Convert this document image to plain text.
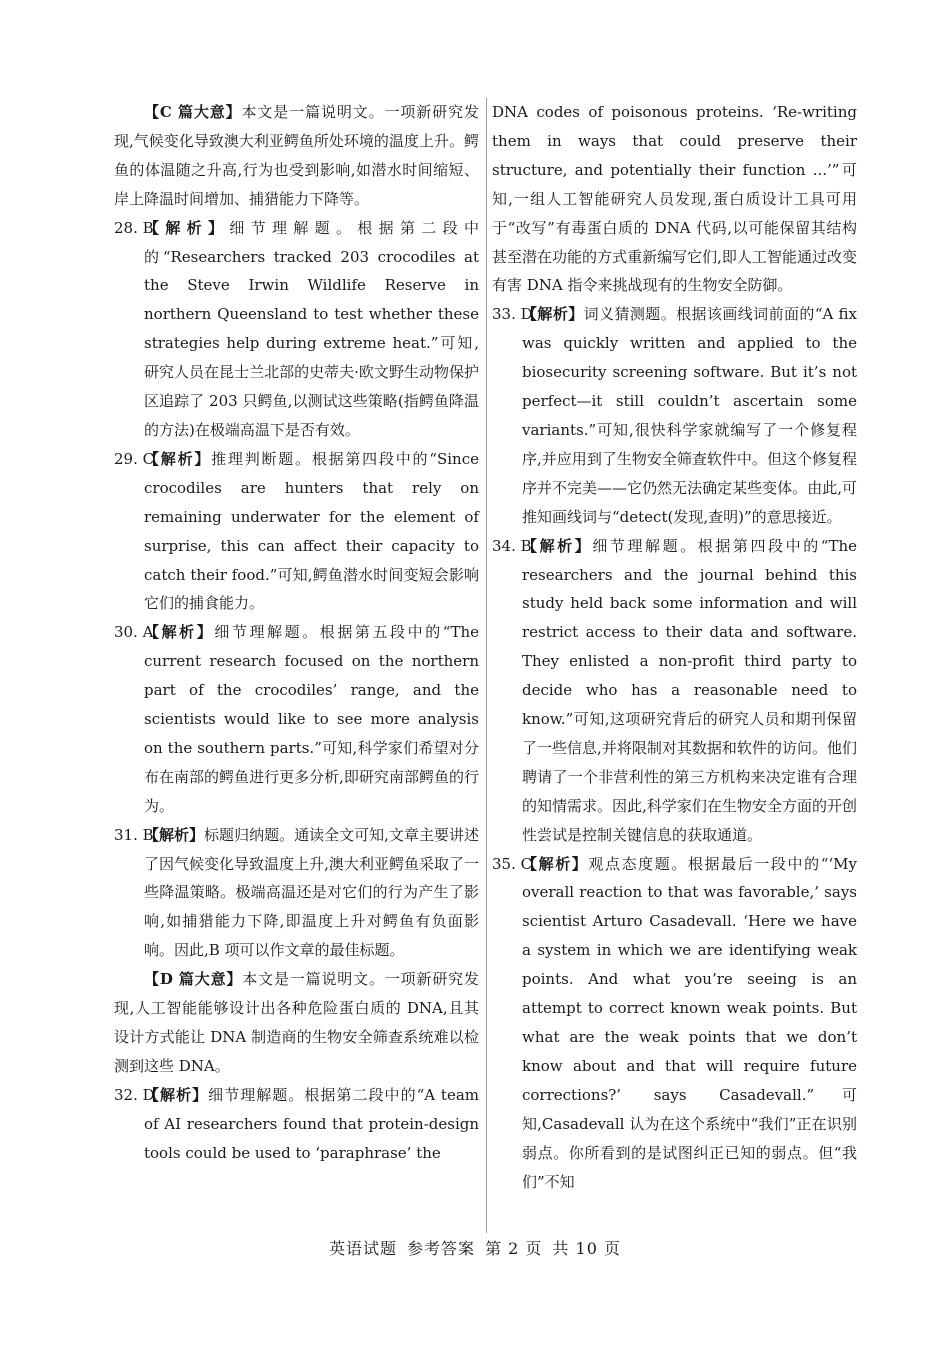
【C 篇大意】本文是一篇说明文。一项新研究发现,气候变化导致澳大利亚鳄鱼所处环境的温度上升。鳄鱼的体温随之升高,行为也受到影响,如潜水时间缩短、岸上降温时间增加、捕猎能力下降等。

28. B
【解析】细节理解题。根据第二段中的“Researchers tracked 203 crocodiles at the Steve Irwin Wildlife Reserve in northern Queensland to test whether these strategies help during extreme heat.”可知,研究人员在昆士兰北部的史蒂夫·欧文野生动物保护区追踪了 203 只鳄鱼,以测试这些策略(指鳄鱼降温的方法)在极端高温下是否有效。

29. C
【解析】推理判断题。根据第四段中的“Since crocodiles are hunters that rely on remaining underwater for the element of surprise, this can affect their capacity to catch their food.”可知,鳄鱼潜水时间变短会影响它们的捕食能力。

30. A
【解析】细节理解题。根据第五段中的“The current research focused on the northern part of the crocodiles’ range, and the scientists would like to see more analysis on the southern parts.”可知,科学家们希望对分布在南部的鳄鱼进行更多分析,即研究南部鳄鱼的行为。

31. B
【解析】标题归纳题。通读全文可知,文章主要讲述了因气候变化导致温度上升,澳大利亚鳄鱼采取了一些降温策略。极端高温还是对它们的行为产生了影响,如捕猎能力下降,即温度上升对鳄鱼有负面影响。因此,B 项可以作文章的最佳标题。

【D 篇大意】本文是一篇说明文。一项新研究发现,人工智能能够设计出各种危险蛋白质的 DNA,且其设计方式能让 DNA 制造商的生物安全筛查系统难以检测到这些 DNA。

32. D
【解析】细节理解题。根据第二段中的“A team of AI researchers found that protein-design tools could be used to ‘paraphrase’ the

DNA codes of poisonous proteins. ‘Re-writing them in ways that could preserve their structure, and potentially their function ...’”可知,一组人工智能研究人员发现,蛋白质设计工具可用于“改写”有毒蛋白质的 DNA 代码,以可能保留其结构甚至潜在功能的方式重新编写它们,即人工智能通过改变有害 DNA 指令来挑战现有的生物安全防御。

33. D
【解析】词义猜测题。根据该画线词前面的“A fix was quickly written and applied to the biosecurity screening software. But it’s not perfect—it still couldn’t ascertain some variants.”可知,很快科学家就编写了一个修复程序,并应用到了生物安全筛查软件中。但这个修复程序并不完美——它仍然无法确定某些变体。由此,可推知画线词与“detect(发现,查明)”的意思接近。

34. B
【解析】细节理解题。根据第四段中的“The researchers and the journal behind this study held back some information and will restrict access to their data and software. They enlisted a non-profit third party to decide who has a reasonable need to know.”可知,这项研究背后的研究人员和期刊保留了一些信息,并将限制对其数据和软件的访问。他们聘请了一个非营利性的第三方机构来决定谁有合理的知情需求。因此,科学家们在生物安全方面的开创性尝试是控制关键信息的获取通道。

35. C
【解析】观点态度题。根据最后一段中的“‘My overall reaction to that was favorable,’ says scientist Arturo Casadevall. ‘Here we have a system in which we are identifying weak points. And what you’re seeing is an attempt to correct known weak points. But what are the weak points that we don’t know about and that will require future corrections?’ says Casadevall.”可知,Casadevall 认为在这个系统中“我们”正在识别弱点。你所看到的是试图纠正已知的弱点。但“我们”不知

英语试题 参考答案 第 2 页 共 10 页
